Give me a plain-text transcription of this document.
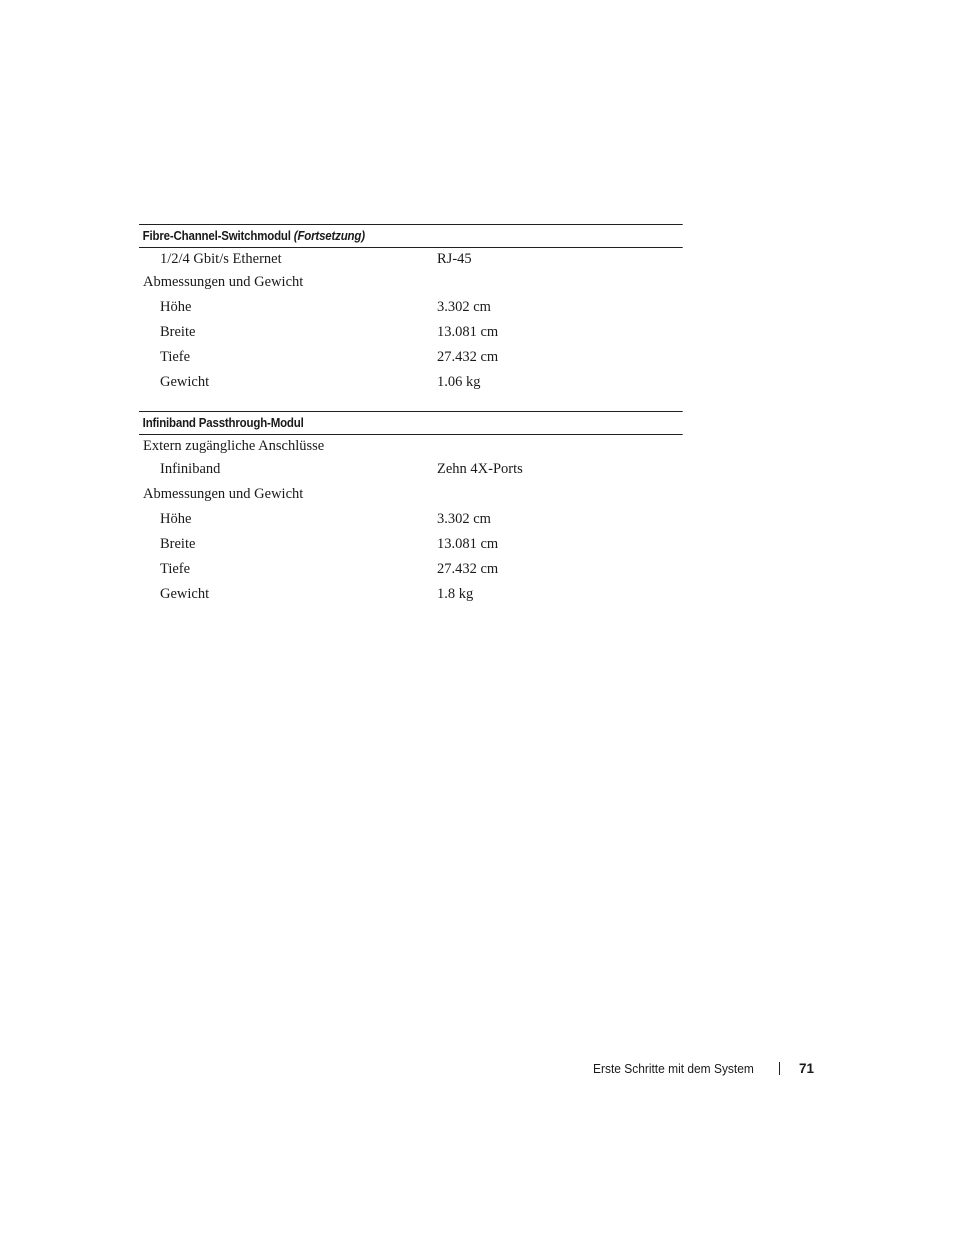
Fibre-Channel-Switchmodul (Fortsetzung)
1/2/4 Gbit/s Ethernet	RJ-45
Abmessungen und Gewicht
Höhe	3.302 cm
Breite	13.081 cm
Tiefe	27.432 cm
Gewicht	1.06 kg
Infiniband Passthrough-Modul
Extern zugängliche Anschlüsse
Infiniband	Zehn 4X-Ports
Abmessungen und Gewicht
Höhe	3.302 cm
Breite	13.081 cm
Tiefe	27.432 cm
Gewicht	1.8 kg
Erste Schritte mit dem System	71
